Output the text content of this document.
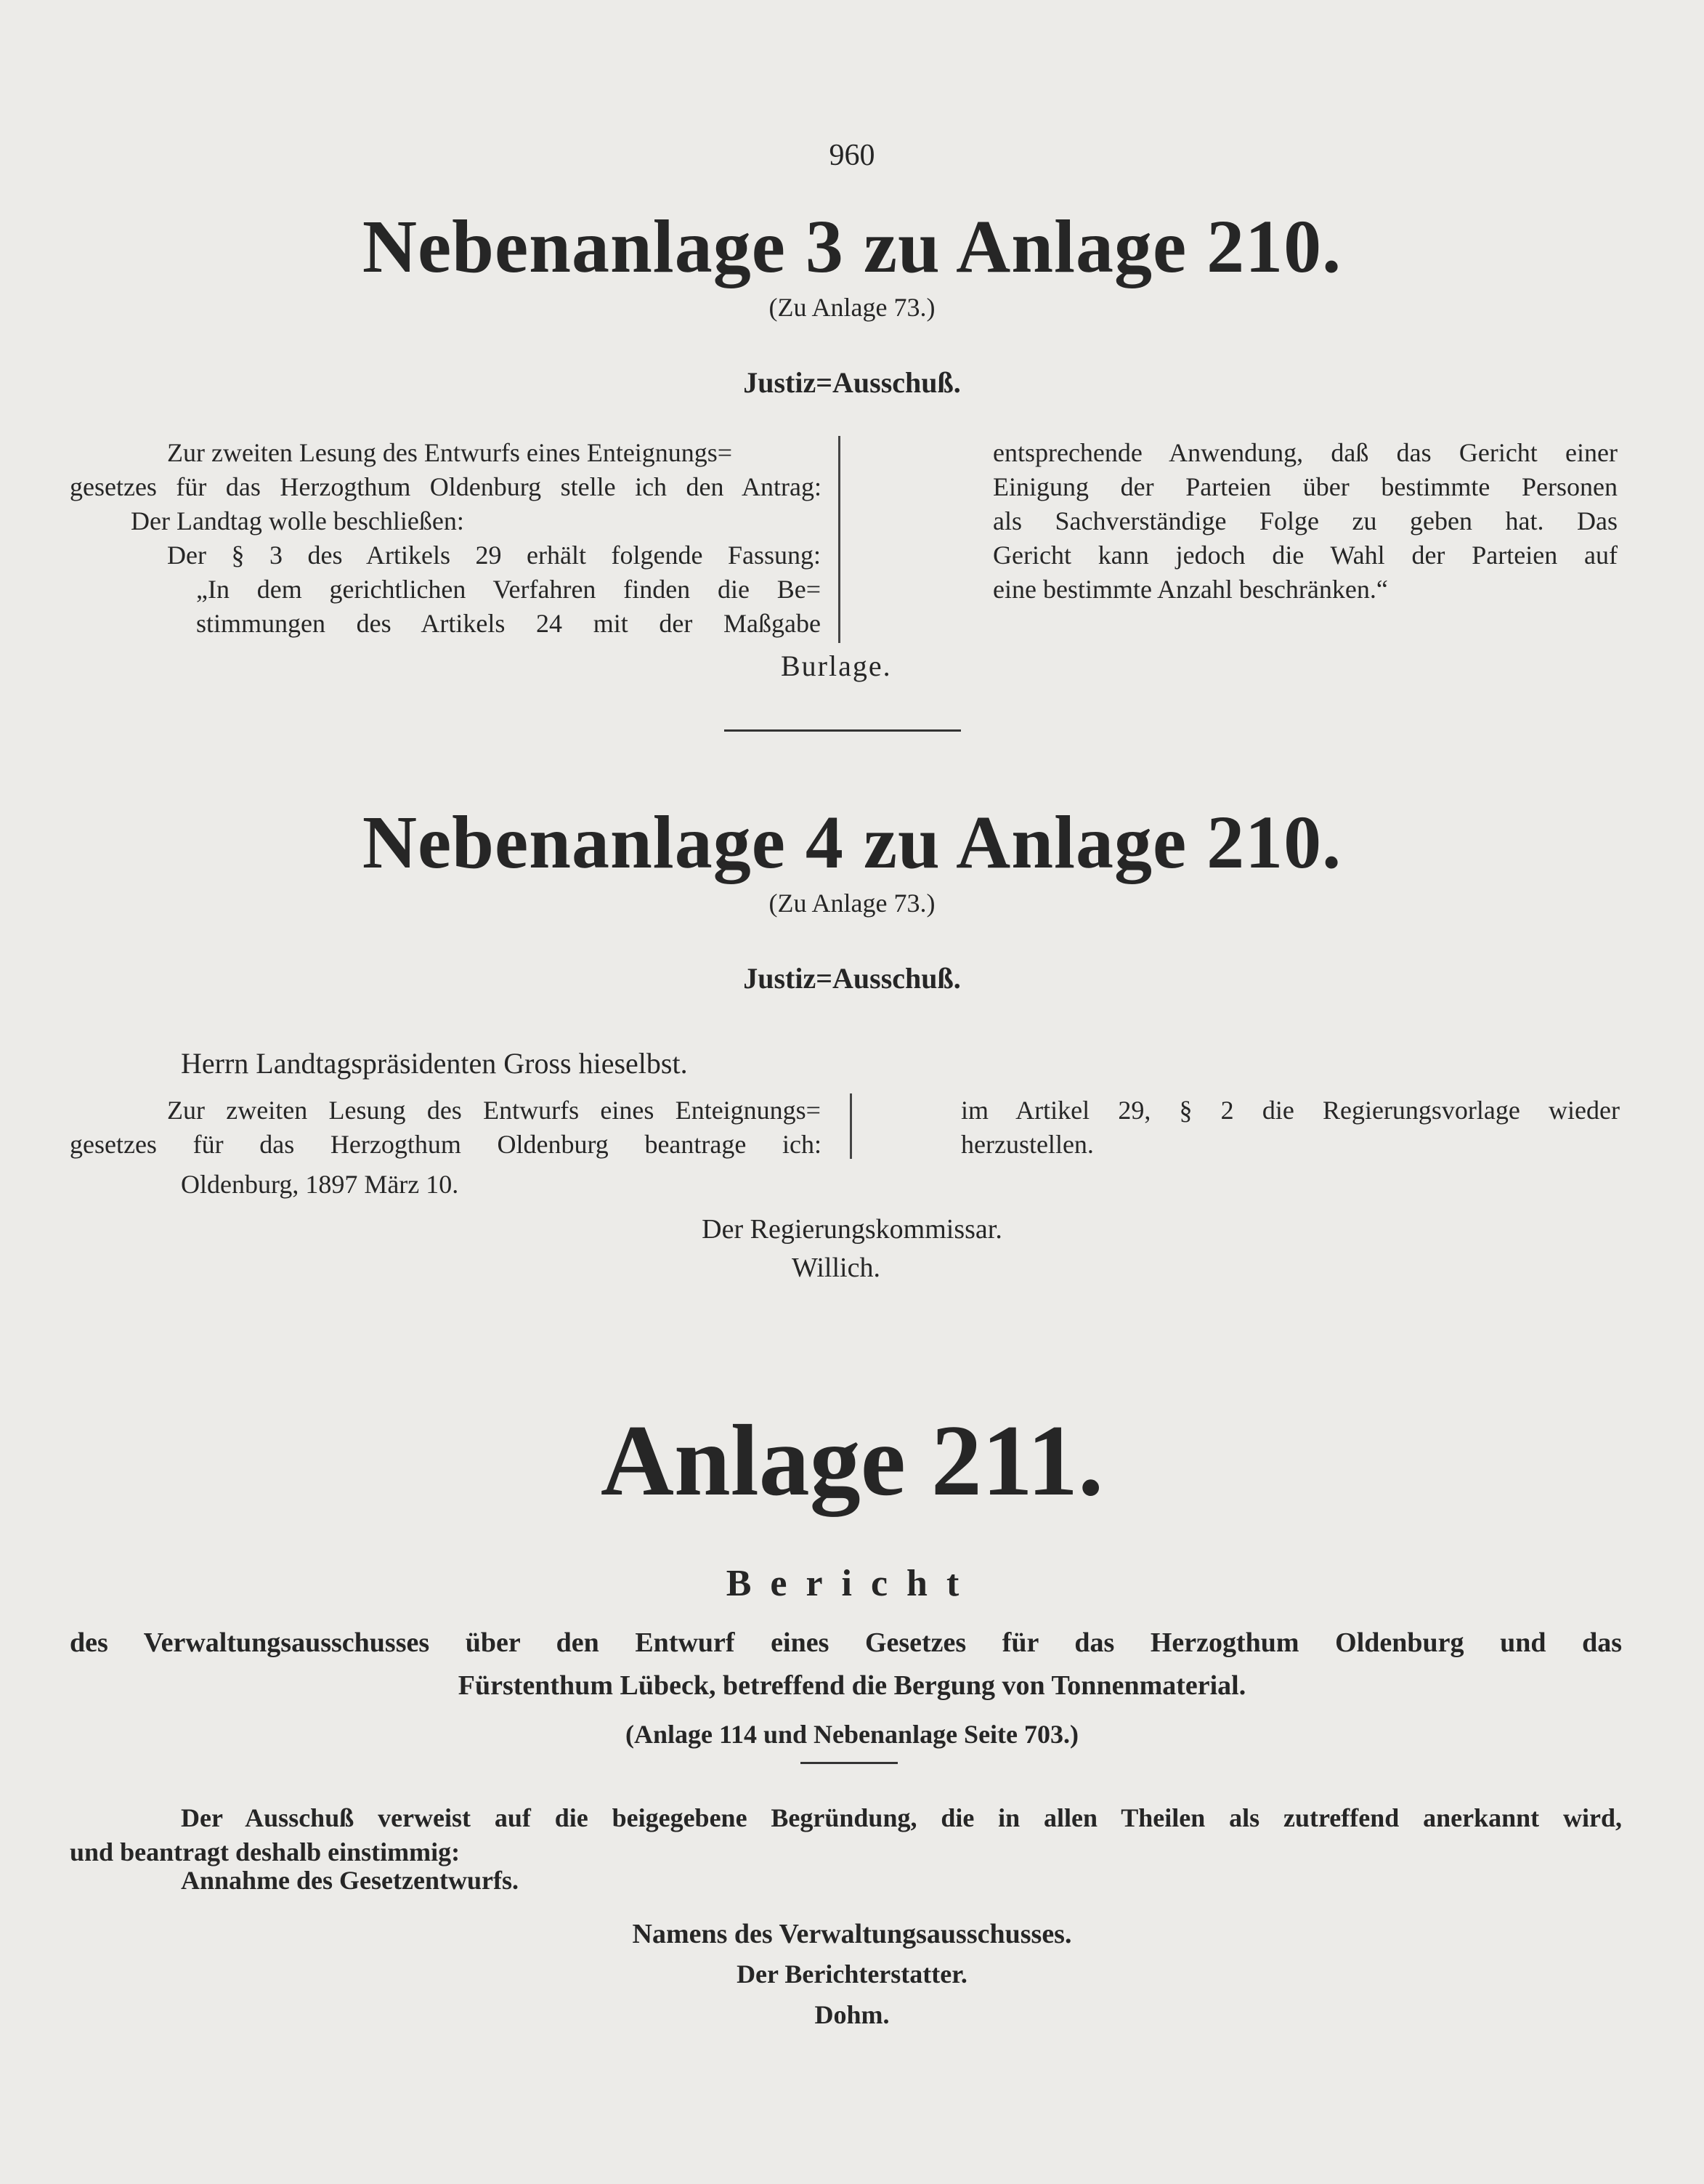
960
Nebenanlage 3 zu Anlage 210.
(Zu Anlage 73.)
Justiz=Ausschuß.
Zur zweiten Lesung des Entwurfs eines Enteignungs=
gesetzes für das Herzogthum Oldenburg stelle ich den Antrag:
Der Landtag wolle beschließen:
Der § 3 des Artikels 29 erhält folgende Fassung:
„In dem gerichtlichen Verfahren finden die Be=
stimmungen des Artikels 24 mit der Maßgabe
entsprechende Anwendung, daß das Gericht einer
Einigung der Parteien über bestimmte Personen
als Sachverständige Folge zu geben hat. Das
Gericht kann jedoch die Wahl der Parteien auf
eine bestimmte Anzahl beschränken.“
Burlage.
Nebenanlage 4 zu Anlage 210.
(Zu Anlage 73.)
Justiz=Ausschuß.
Herrn Landtagspräsidenten Gross hieselbst.
Zur zweiten Lesung des Entwurfs eines Enteignungs=
gesetzes für das Herzogthum Oldenburg beantrage ich:
im Artikel 29, § 2 die Regierungsvorlage wieder
herzustellen.
Oldenburg, 1897 März 10.
Der Regierungskommissar.
Willich.
Anlage 211.
Bericht
des Verwaltungsausschusses über den Entwurf eines Gesetzes für das Herzogthum Oldenburg und das
Fürstenthum Lübeck, betreffend die Bergung von Tonnenmaterial.
(Anlage 114 und Nebenanlage Seite 703.)
Der Ausschuß verweist auf die beigegebene Begründung, die in allen Theilen als zutreffend anerkannt wird,
und beantragt deshalb einstimmig:
Annahme des Gesetzentwurfs.
Namens des Verwaltungsausschusses.
Der Berichterstatter.
Dohm.
